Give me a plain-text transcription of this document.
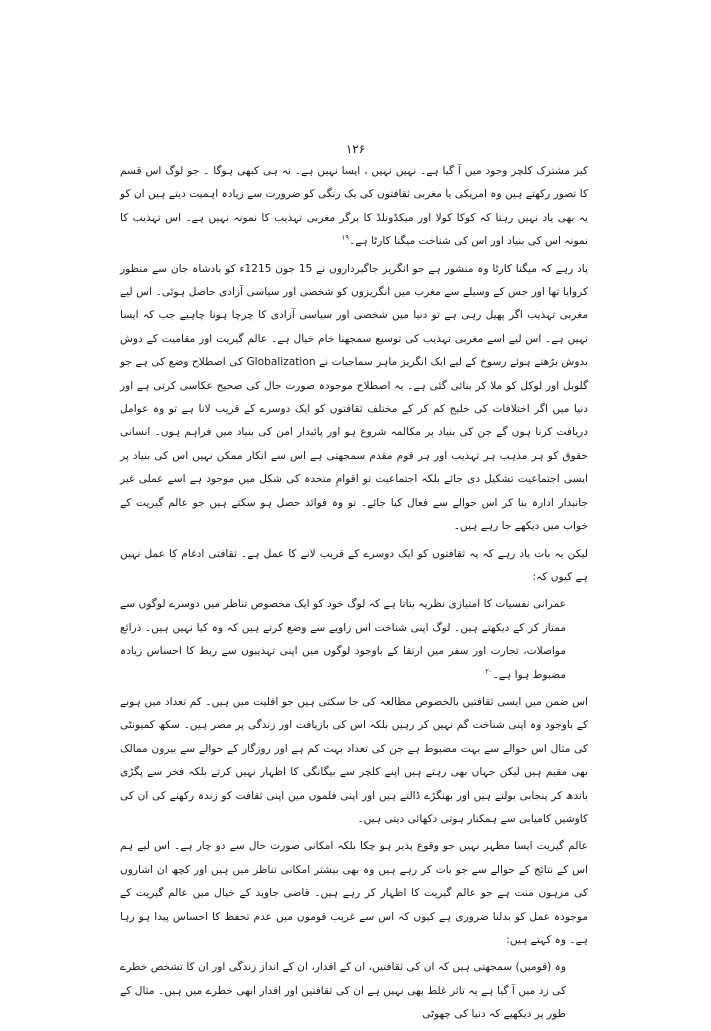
۱۲۶

کیر مشترک کلچر وجود میں آ گیا ہے۔ نہیں نہیں ، ایسا نہیں ہے۔ نہ ہی کبھی ہوگا ۔ جو لوگ اس قسم کا تصور رکھتے ہیں وہ امریکی یا مغربی ثقافتوں کی یک رنگی کو ضرورت سے زیادہ اہمیت دیتے ہیں ان کو یہ بھی یاد نہیں رہتا کہ کوکا کولا اور میکڈونلڈ کا برگر مغربی تہذیب کا نمونہ نہیں ہے۔ اس تہذیب کا نمونہ اس کی بنیاد اور اس کی شناخت میگنا کارٹا ہے۔$^{۱۹}$

یاد رہے کہ میگنا کارٹا وہ منشور ہے جو انگریز جاگیرداروں نے 15 جون 1215ء کو بادشاہ جان سے منظور کروایا تھا اور جس کے وسیلے سے مغرب میں انگریزوں کو شخصی اور سیاسی آزادی حاصل ہوئی۔ اس لیے مغربی تہذیب اگر پھیل رہی ہے تو دنیا میں شخصی اور سیاسی آزادی کا چرچا ہونا چاہیے جب کہ ایسا نہیں ہے۔ اس لیے اسے مغربی تہذیب کی توسیع سمجھنا خام خیال ہے۔ عالم گیریت اور مقامیت کے دوش بدوش بڑھتے ہوئے رسوخ کے لیے ایک انگریز ماہر سماجیات نے Globalization کی اصطلاح وضع کی ہے جو گلوبل اور لوکل کو ملا کر بنائی گئی ہے۔ یہ اصطلاح موجودہ صورت حال کی صحیح عکاسی کرتی ہے اور دنیا میں اگر اختلافات کی خلیج کم کر کے مختلف ثقافتوں کو ایک دوسرے کے قریب لانا ہے تو وہ عوامل دریافت کرنا ہوں گے جن کی بنیاد پر مکالمہ شروع ہو اور پائیدار امن کی بنیاد میں فراہم ہوں۔ انسانی حقوق کو ہر مذہب ہر تہذیب اور ہر قوم مقدم سمجھتی ہے اس سے انکار ممکن نہیں اس کی بنیاد پر ایسی اجتماعیت تشکیل دی جائے بلکہ اجتماعیت تو اقوامِ متحدہ کی شکل میں موجود ہے اسے عملی غیر جانبدار ادارہ بنا کر اس حوالے سے فعال کیا جائے۔ تو وہ فوائد حصل ہو سکتے ہیں جو عالم گیریت کے خواب میں دیکھے جا رہے ہیں۔

لیکن یہ بات یاد رہے کہ یہ ثقافتوں کو ایک دوسرے کے قریب لانے کا عمل ہے۔ ثقافتی ادغام کا عمل نہیں ہے کیوں کہ:

عمرانی نفسیات کا امتیازی نظریہ بتاتا ہے کہ لوگ خود کو ایک مخصوص تناظر میں دوسرے لوگوں سے ممتاز کر کے دیکھتے ہیں۔ لوگ اپنی شناخت اس زاویے سے وضع کرتے ہیں کہ وہ کیا نہیں ہیں۔ ذرائع مواصلات، تجارت اور سفر میں ارتقا کے باوجود لوگوں میں اپنی تہذیبوں سے ربط کا احساس زیادہ مضبوط ہوا ہے۔$^{۲۰}$

اس ضمن میں ایسی ثقافتیں بالخصوص مطالعہ کی جا سکتی ہیں جو اقلیت میں ہیں۔ کم تعداد میں ہونے کے باوجود وہ اپنی شناخت گم نہیں کر رہیں بلکہ اس کی بازیافت اور زندگی پر مصر ہیں۔ سکھ کمیونٹی کی مثال اس حوالے سے بہت مضبوط ہے جن کی تعداد بہت کم ہے اور روزگار کے حوالے سے بیرون ممالک بھی مقیم ہیں لیکن جہاں بھی رہتے ہیں اپنے کلچر سے بیگانگی کا اظہار نہیں کرتے بلکہ فخر سے پگڑی باندھ کر پنجابی بولتے ہیں اور بھنگڑے ڈالتے ہیں اور اپنی فلموں میں اپنی ثقافت کو زندہ رکھنے کی ان کی کاوشیں کامیابی سے ہمکنار ہوتی دکھائی دیتی ہیں۔

عالم گیریت ایسا مظہر نہیں جو وقوع پذیر ہو چکا بلکہ امکانی صورت حال سے دو چار ہے۔ اس لیے ہم اس کے نتائج کے حوالے سے جو بات کر رہے ہیں وہ بھی بیشتر امکانی تناظر میں ہیں اور کچھ ان اشاروں کی مرہون منت ہے جو عالم گیریت کا اظہار کر رہے ہیں۔ قاضی جاوید کے خیال میں عالم گیریت کے موجودہ عمل کو بدلنا ضروری ہے کیوں کہ اس سے غریب قوموں میں عدم تحفظ کا احساس پیدا ہو رہا ہے۔ وہ کہتے ہیں:

وہ (قومیں) سمجھتی ہیں کہ ان کی ثقافتیں، ان کے اقدار، ان کے انداز زندگی اور ان کا تشخص خطرے کی زد میں آ گیا ہے یہ تاثر غلط بھی نہیں ہے ان کی ثقافتیں اور اقدار ابھی خطرے میں ہیں۔ مثال کے طور پر دیکھیے کہ دنیا کی چھوٹی
